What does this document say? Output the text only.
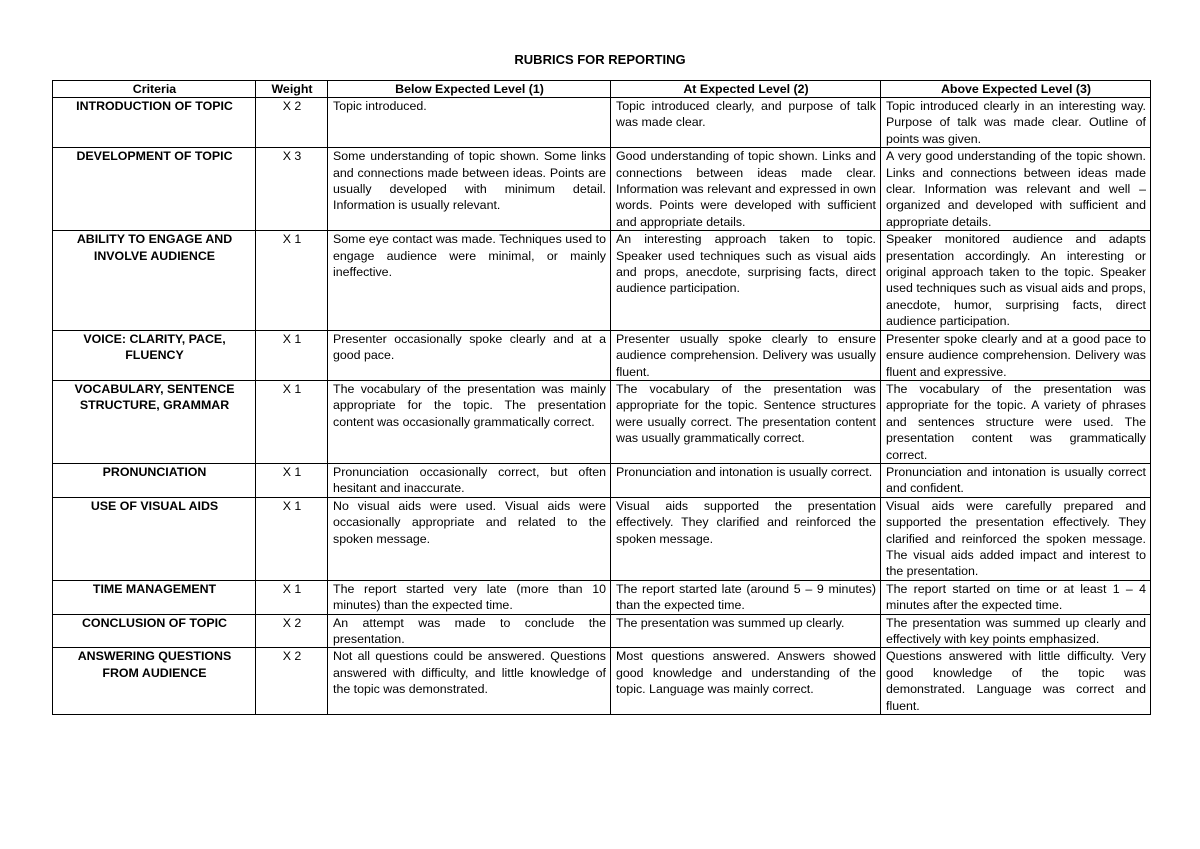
RUBRICS FOR REPORTING
Criteria	Weight	Below Expected Level (1)	At Expected Level (2)	Above Expected Level (3)
INTRODUCTION OF TOPIC	X 2	Topic introduced.	Topic introduced clearly, and purpose of talk was made clear.	Topic introduced clearly in an interesting way. Purpose of talk was made clear. Outline of points was given.
DEVELOPMENT OF TOPIC	X 3	Some understanding of topic shown. Some links and connections made between ideas. Points are usually developed with minimum detail. Information is usually relevant.	Good understanding of topic shown. Links and connections between ideas made clear. Information was relevant and expressed in own words. Points were developed with sufficient and appropriate details.	A very good understanding of the topic shown. Links and connections between ideas made clear. Information was relevant and well – organized and developed with sufficient and appropriate details.
ABILITY TO ENGAGE AND INVOLVE AUDIENCE	X 1	Some eye contact was made. Techniques used to engage audience were minimal, or mainly ineffective.	An interesting approach taken to topic. Speaker used techniques such as visual aids and props, anecdote, surprising facts, direct audience participation.	Speaker monitored audience and adapts presentation accordingly. An interesting or original approach taken to the topic. Speaker used techniques such as visual aids and props, anecdote, humor, surprising facts, direct audience participation.
VOICE: CLARITY, PACE, FLUENCY	X 1	Presenter occasionally spoke clearly and at a good pace.	Presenter usually spoke clearly to ensure audience comprehension. Delivery was usually fluent.	Presenter spoke clearly and at a good pace to ensure audience comprehension. Delivery was fluent and expressive.
VOCABULARY, SENTENCE STRUCTURE, GRAMMAR	X 1	The vocabulary of the presentation was mainly appropriate for the topic. The presentation content was occasionally grammatically correct.	The vocabulary of the presentation was appropriate for the topic. Sentence structures were usually correct. The presentation content was usually grammatically correct.	The vocabulary of the presentation was appropriate for the topic. A variety of phrases and sentences structure were used. The presentation content was grammatically correct.
PRONUNCIATION	X 1	Pronunciation occasionally correct, but often hesitant and inaccurate.	Pronunciation and intonation is usually correct.	Pronunciation and intonation is usually correct and confident.
USE OF VISUAL AIDS	X 1	No visual aids were used. Visual aids were occasionally appropriate and related to the spoken message.	Visual aids supported the presentation effectively. They clarified and reinforced the spoken message.	Visual aids were carefully prepared and supported the presentation effectively. They clarified and reinforced the spoken message. The visual aids added impact and interest to the presentation.
TIME MANAGEMENT	X 1	The report started very late (more than 10 minutes) than the expected time.	The report started late (around 5 – 9 minutes) than the expected time.	The report started on time or at least 1 – 4 minutes after the expected time.
CONCLUSION OF TOPIC	X 2	An attempt was made to conclude the presentation.	The presentation was summed up clearly.	The presentation was summed up clearly and effectively with key points emphasized.
ANSWERING QUESTIONS FROM AUDIENCE	X 2	Not all questions could be answered. Questions answered with difficulty, and little knowledge of the topic was demonstrated.	Most questions answered. Answers showed good knowledge and understanding of the topic. Language was mainly correct.	Questions answered with little difficulty. Very good knowledge of the topic was demonstrated. Language was correct and fluent.
